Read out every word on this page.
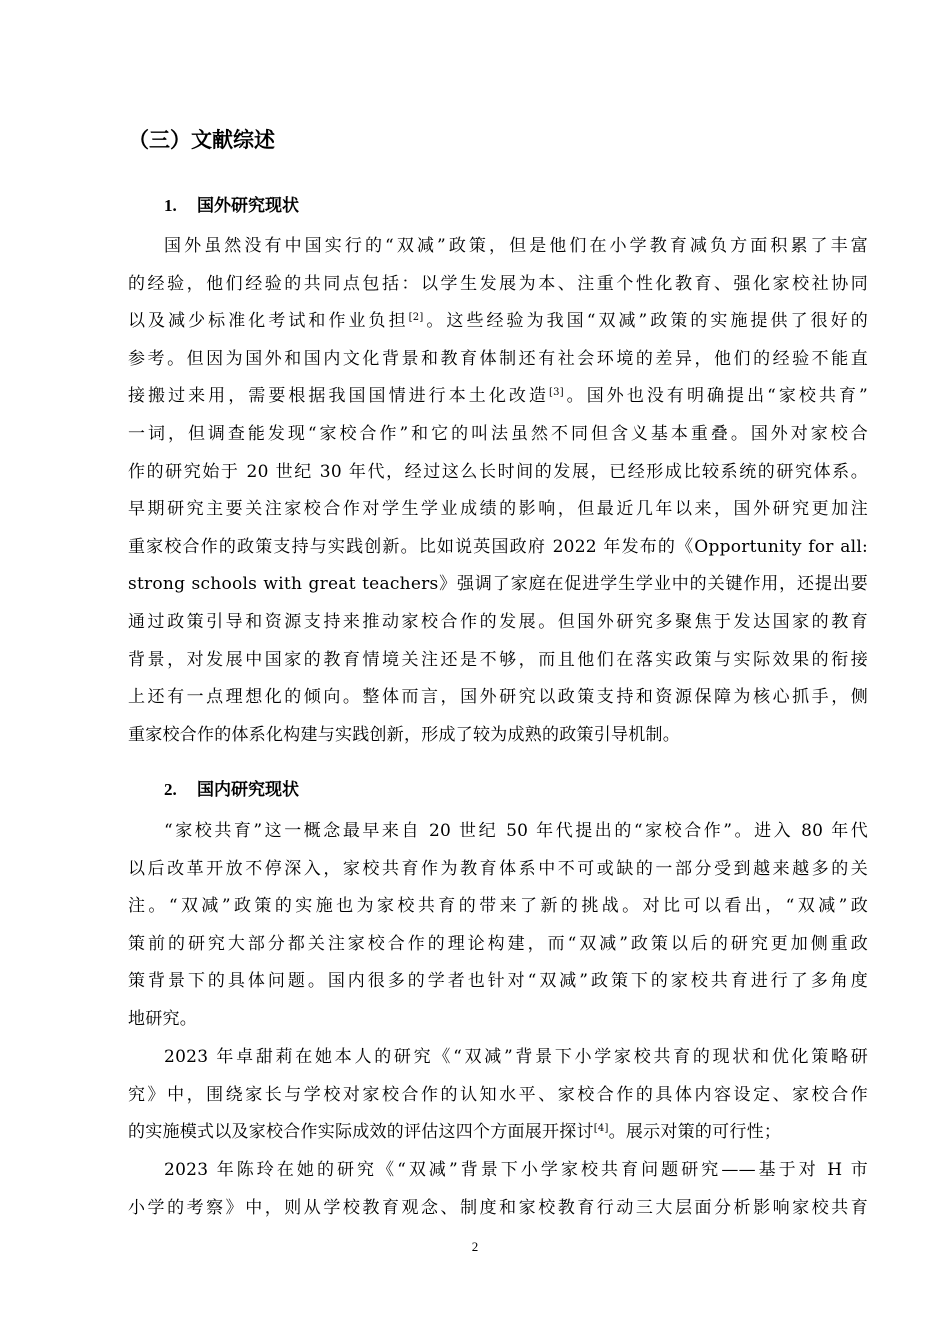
（三）文献综述
1. 国外研究现状
国外虽然没有中国实行的“双减”政策，但是他们在小学教育减负方面积累了丰富
的经验，他们经验的共同点包括：以学生发展为本、注重个性化教育、强化家校社协同
以及减少标准化考试和作业负担[2]。这些经验为我国“双减”政策的实施提供了很好的
参考。但因为国外和国内文化背景和教育体制还有社会环境的差异，他们的经验不能直
接搬过来用，需要根据我国国情进行本土化改造[3]。国外也没有明确提出“家校共育”
一词，但调查能发现“家校合作”和它的叫法虽然不同但含义基本重叠。国外对家校合
作的研究始于 20 世纪 30 年代，经过这么长时间的发展，已经形成比较系统的研究体系。
早期研究主要关注家校合作对学生学业成绩的影响，但最近几年以来，国外研究更加注
重家校合作的政策支持与实践创新。比如说英国政府 2022 年发布的《Opportunity for all:
strong schools with great teachers》强调了家庭在促进学生学业中的关键作用，还提出要
通过政策引导和资源支持来推动家校合作的发展。但国外研究多聚焦于发达国家的教育
背景，对发展中国家的教育情境关注还是不够，而且他们在落实政策与实际效果的衔接
上还有一点理想化的倾向。整体而言，国外研究以政策支持和资源保障为核心抓手，侧
重家校合作的体系化构建与实践创新，形成了较为成熟的政策引导机制。
2. 国内研究现状
“家校共育”这一概念最早来自 20 世纪 50 年代提出的“家校合作”。进入 80 年代
以后改革开放不停深入，家校共育作为教育体系中不可或缺的一部分受到越来越多的关
注。“双减”政策的实施也为家校共育的带来了新的挑战。对比可以看出，“双减”政
策前的研究大部分都关注家校合作的理论构建，而“双减”政策以后的研究更加侧重政
策背景下的具体问题。国内很多的学者也针对“双减”政策下的家校共育进行了多角度
地研究。
2023 年卓甜莉在她本人的研究《“双减”背景下小学家校共育的现状和优化策略研
究》中，围绕家长与学校对家校合作的认知水平、家校合作的具体内容设定、家校合作
的实施模式以及家校合作实际成效的评估这四个方面展开探讨[4]。展示对策的可行性；
2023 年陈玲在她的研究《“双减”背景下小学家校共育问题研究——基于对 H 市
小学的考察》中，则从学校教育观念、制度和家校教育行动三大层面分析影响家校共育
2
